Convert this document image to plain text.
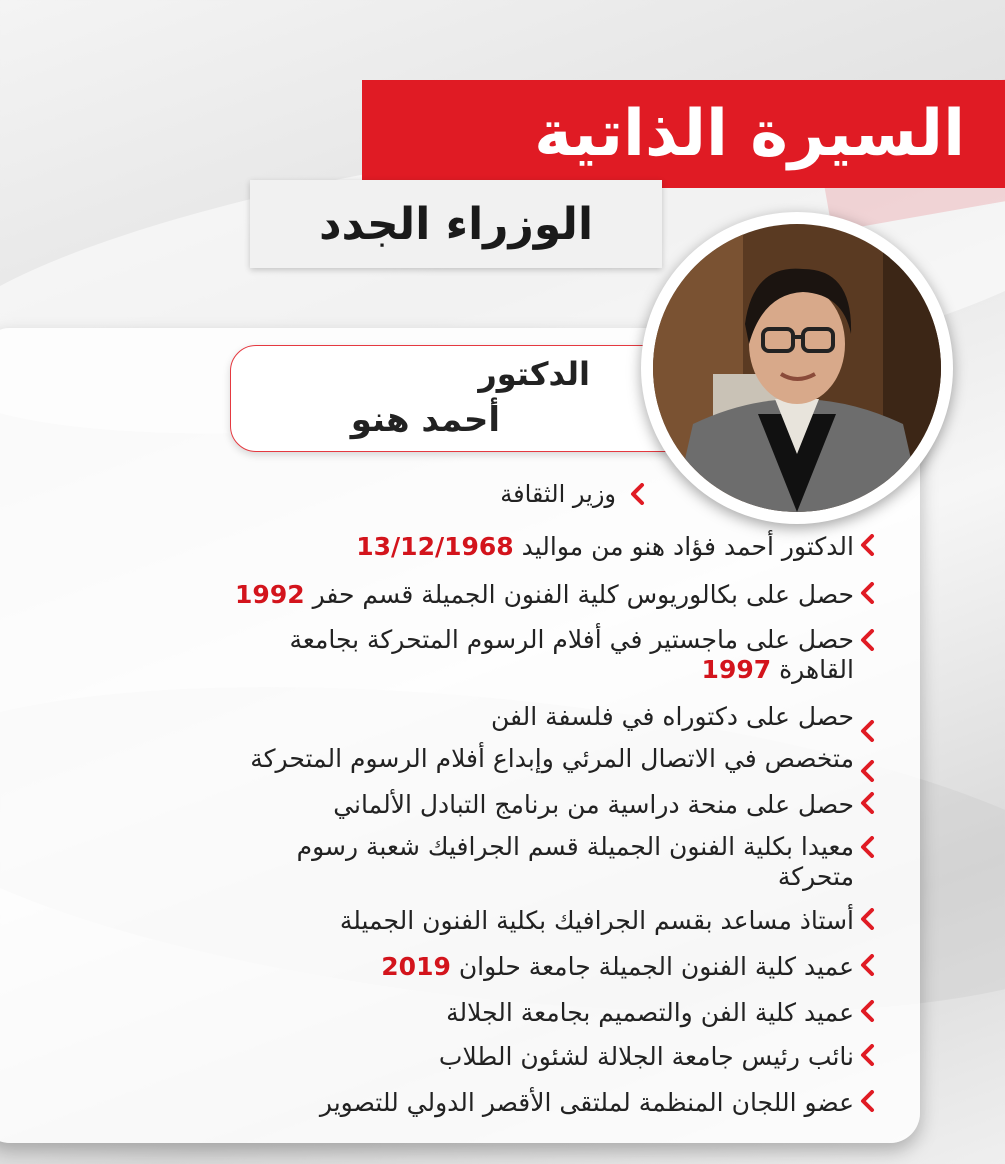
السيرة الذاتية
الوزراء الجدد
الدكتور
أحمد هنو
وزير الثقافة
الدكتور أحمد فؤاد هنو من مواليد 13/12/1968
حصل على بكالوريوس كلية الفنون الجميلة قسم حفر 1992
حصل على ماجستير في أفلام الرسوم المتحركة بجامعة
القاهرة 1997
حصل على دكتوراه في فلسفة الفن
متخصص في الاتصال المرئي وإبداع أفلام الرسوم المتحركة
حصل على منحة دراسية من برنامج التبادل الألماني
معيدا بكلية الفنون الجميلة قسم الجرافيك شعبة رسوم
متحركة
أستاذ مساعد بقسم الجرافيك بكلية الفنون الجميلة
عميد كلية الفنون الجميلة جامعة حلوان 2019
عميد كلية الفن والتصميم بجامعة الجلالة
نائب رئيس جامعة الجلالة لشئون الطلاب
عضو اللجان المنظمة لملتقى الأقصر الدولي للتصوير
